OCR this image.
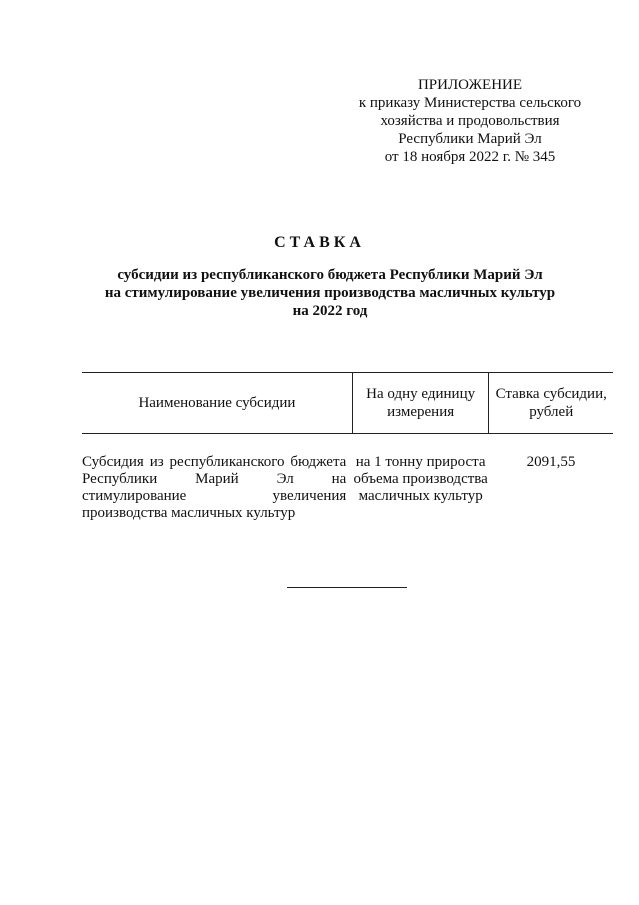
ПРИЛОЖЕНИЕ
к приказу Министерства сельского
хозяйства и продовольствия
Республики Марий Эл
от 18 ноября 2022 г. № 345
СТАВКА
субсидии из республиканского бюджета Республики Марий Эл
на стимулирование увеличения производства масличных культур
на 2022 год
Наименование субсидии	На одну единицу измерения	Ставка субсидии, рублей
Субсидия из республиканского бюджета Республики Марий Эл на стимулирование увеличения производства масличных культур	на 1 тонну прироста объема производства масличных культур	2091,55
